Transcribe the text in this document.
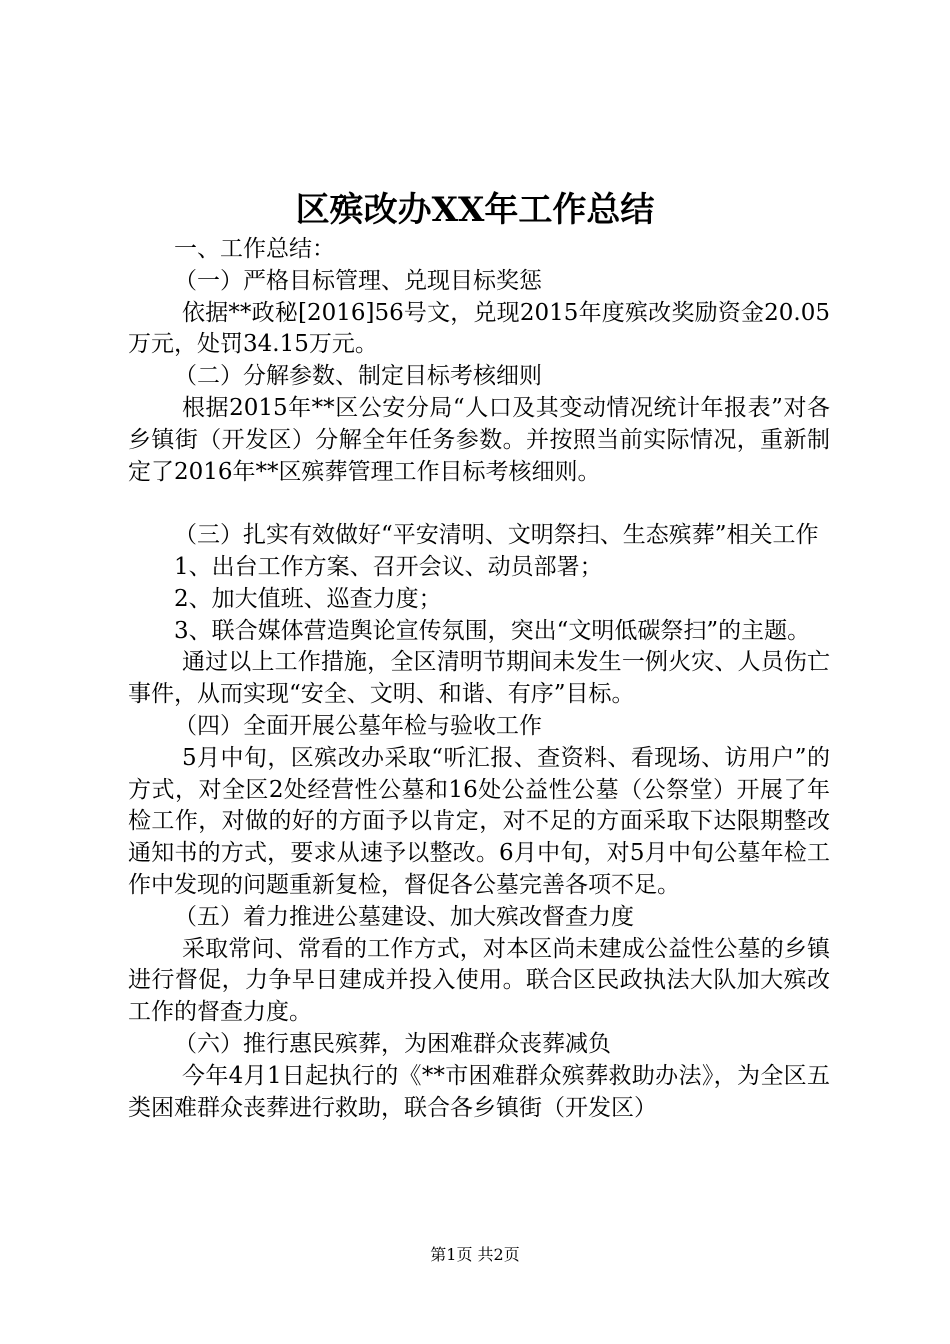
区殡改办XX年工作总结

一、工作总结：

（一）严格目标管理、兑现目标奖惩

依据**政秘[2016]56号文，兑现2015年度殡改奖励资金20.05万元，处罚34.15万元。

（二）分解参数、制定目标考核细则

根据2015年**区公安分局“人口及其变动情况统计年报表”对各乡镇街（开发区）分解全年任务参数。并按照当前实际情况，重新制定了2016年**区殡葬管理工作目标考核细则。

（三）扎实有效做好“平安清明、文明祭扫、生态殡葬”相关工作

1、出台工作方案、召开会议、动员部署；

2、加大值班、巡查力度；

3、联合媒体营造舆论宣传氛围，突出“文明低碳祭扫”的主题。

通过以上工作措施，全区清明节期间未发生一例火灾、人员伤亡事件，从而实现“安全、文明、和谐、有序”目标。

（四）全面开展公墓年检与验收工作

5月中旬，区殡改办采取“听汇报、查资料、看现场、访用户”的方式，对全区2处经营性公墓和16处公益性公墓（公祭堂）开展了年检工作，对做的好的方面予以肯定，对不足的方面采取下达限期整改通知书的方式，要求从速予以整改。6月中旬，对5月中旬公墓年检工作中发现的问题重新复检，督促各公墓完善各项不足。

（五）着力推进公墓建设、加大殡改督查力度

采取常问、常看的工作方式，对本区尚未建成公益性公墓的乡镇进行督促，力争早日建成并投入使用。联合区民政执法大队加大殡改工作的督查力度。

（六）推行惠民殡葬，为困难群众丧葬减负

今年4月1日起执行的《**市困难群众殡葬救助办法》，为全区五类困难群众丧葬进行救助，联合各乡镇街（开发区）

第1页 共2页
